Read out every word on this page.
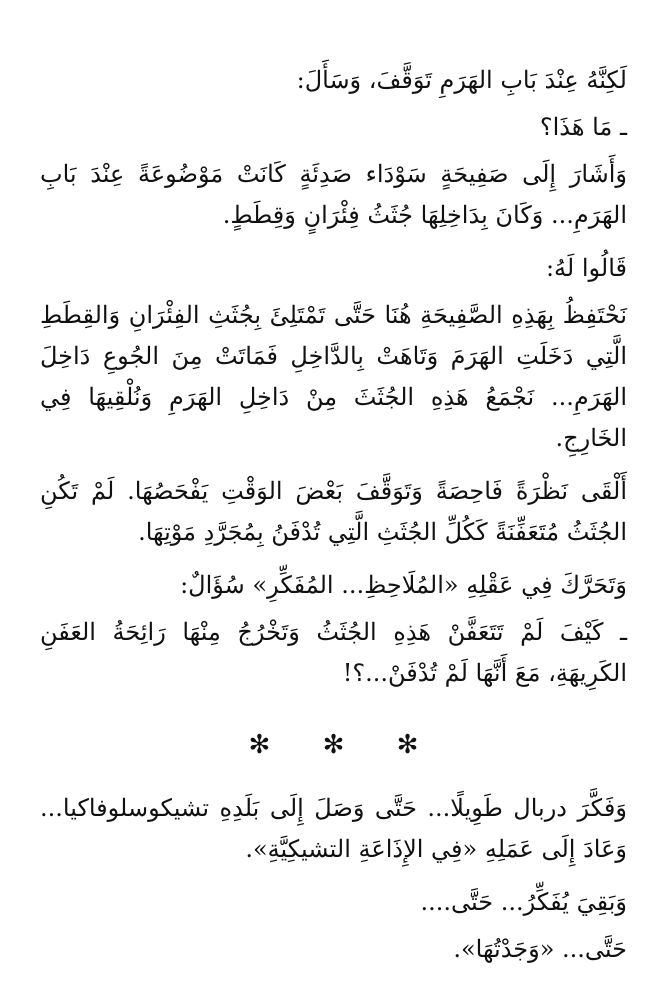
لَكِنَّهُ عِنْدَ بَابِ الهَرَمِ تَوَقَّفَ، وَسَأَلَ:

ـ مَا هَذَا؟

وَأَشَارَ إِلَى صَفِيحَةٍ سَوْدَاء صَدِئَةٍ كَانَتْ مَوْضُوعَةً عِنْدَ بَابِ الهَرَمِ... وَكَانَ بِدَاخِلِهَا جُثَثُ فِئْرَانٍ وَقِطَطٍ.

قَالُوا لَهُ:

نَحْتَفِظُ بِهَذِهِ الصَّفِيحَةِ هُنَا حَتَّى تَمْتَلِئَ بِجُثَثِ الفِئْرَانِ وَالقِطَطِ الَّتِي دَخَلَتِ الهَرَمَ وَتَاهَتْ بِالدَّاخِلِ فَمَاتَتْ مِنَ الجُوعِ دَاخِلَ الهَرَمِ... نَجْمَعُ هَذِهِ الجُثَثَ مِنْ دَاخِلِ الهَرَمِ وَنُلْقِيهَا فِي الخَارِجِ.

أَلْقَى نَظْرَةً فَاحِصَةً وَتَوَقَّفَ بَعْضَ الوَقْتِ يَفْحَصُهَا. لَمْ تَكُنِ الجُثَثُ مُتَعَفِّنَةً كَكُلِّ الجُثَثِ الَّتِي تُدْفَنُ بِمُجَرَّدِ مَوْتِهَا.

وَتَحَرَّكَ فِي عَقْلِهِ «المُلَاحِظِ... المُفَكِّرِ» سُؤَالٌ:

ـ كَيْفَ لَمْ تَتَعَفَّنْ هَذِهِ الجُثَثُ وَتَخْرُجُ مِنْهَا رَائِحَةُ العَفَنِ الكَرِيهَةِ، مَعَ أَنَّهَا لَمْ تُدْفَنْ...؟!

✻ ✻ ✻

وَفَكَّرَ دربال طَوِيلًا... حَتَّى وَصَلَ إِلَى بَلَدِهِ تشيكوسلوفاكيا... وَعَادَ إِلَى عَمَلِهِ «فِي الإِذَاعَةِ التشيكِيَّةِ».

وَبَقِيَ يُفَكِّرُ... حَتَّى....

حَتَّى... «وَجَدْتُهَا».
